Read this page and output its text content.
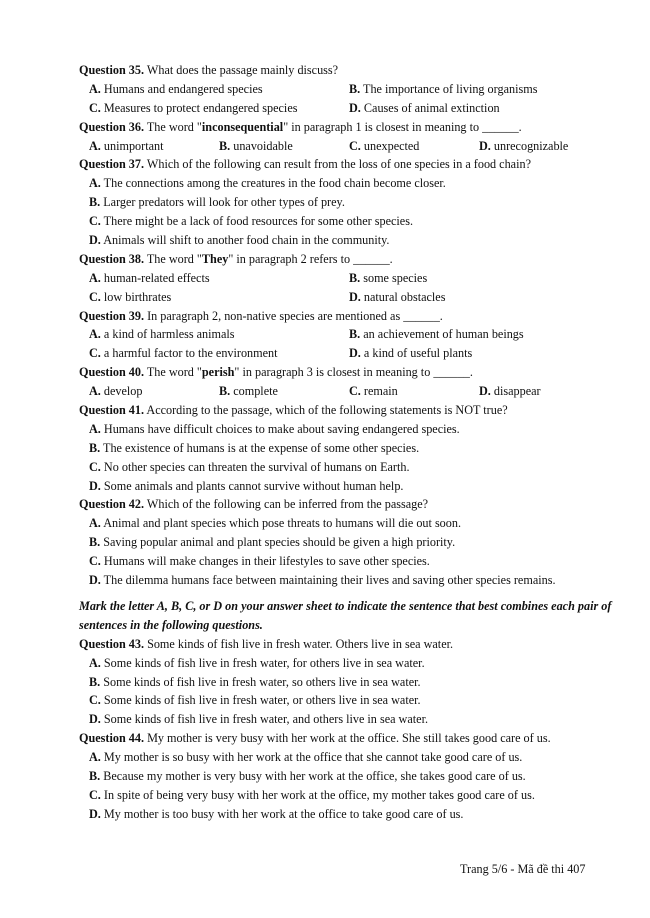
Question 35. What does the passage mainly discuss?
A. Humans and endangered species	B. The importance of living organisms
C. Measures to protect endangered species	D. Causes of animal extinction
Question 36. The word "inconsequential" in paragraph 1 is closest in meaning to ______.
A. unimportant	B. unavoidable	C. unexpected	D. unrecognizable
Question 37. Which of the following can result from the loss of one species in a food chain?
A. The connections among the creatures in the food chain become closer.
B. Larger predators will look for other types of prey.
C. There might be a lack of food resources for some other species.
D. Animals will shift to another food chain in the community.
Question 38. The word "They" in paragraph 2 refers to ______.
A. human-related effects	B. some species
C. low birthrates	D. natural obstacles
Question 39. In paragraph 2, non-native species are mentioned as ______.
A. a kind of harmless animals	B. an achievement of human beings
C. a harmful factor to the environment	D. a kind of useful plants
Question 40. The word "perish" in paragraph 3 is closest in meaning to ______.
A. develop	B. complete	C. remain	D. disappear
Question 41. According to the passage, which of the following statements is NOT true?
A. Humans have difficult choices to make about saving endangered species.
B. The existence of humans is at the expense of some other species.
C. No other species can threaten the survival of humans on Earth.
D. Some animals and plants cannot survive without human help.
Question 42. Which of the following can be inferred from the passage?
A. Animal and plant species which pose threats to humans will die out soon.
B. Saving popular animal and plant species should be given a high priority.
C. Humans will make changes in their lifestyles to save other species.
D. The dilemma humans face between maintaining their lives and saving other species remains.
Mark the letter A, B, C, or D on your answer sheet to indicate the sentence that best combines each pair of sentences in the following questions.
Question 43. Some kinds of fish live in fresh water. Others live in sea water.
A. Some kinds of fish live in fresh water, for others live in sea water.
B. Some kinds of fish live in fresh water, so others live in sea water.
C. Some kinds of fish live in fresh water, or others live in sea water.
D. Some kinds of fish live in fresh water, and others live in sea water.
Question 44. My mother is very busy with her work at the office. She still takes good care of us.
A. My mother is so busy with her work at the office that she cannot take good care of us.
B. Because my mother is very busy with her work at the office, she takes good care of us.
C. In spite of being very busy with her work at the office, my mother takes good care of us.
D. My mother is too busy with her work at the office to take good care of us.
Trang 5/6 - Mã đề thi 407
